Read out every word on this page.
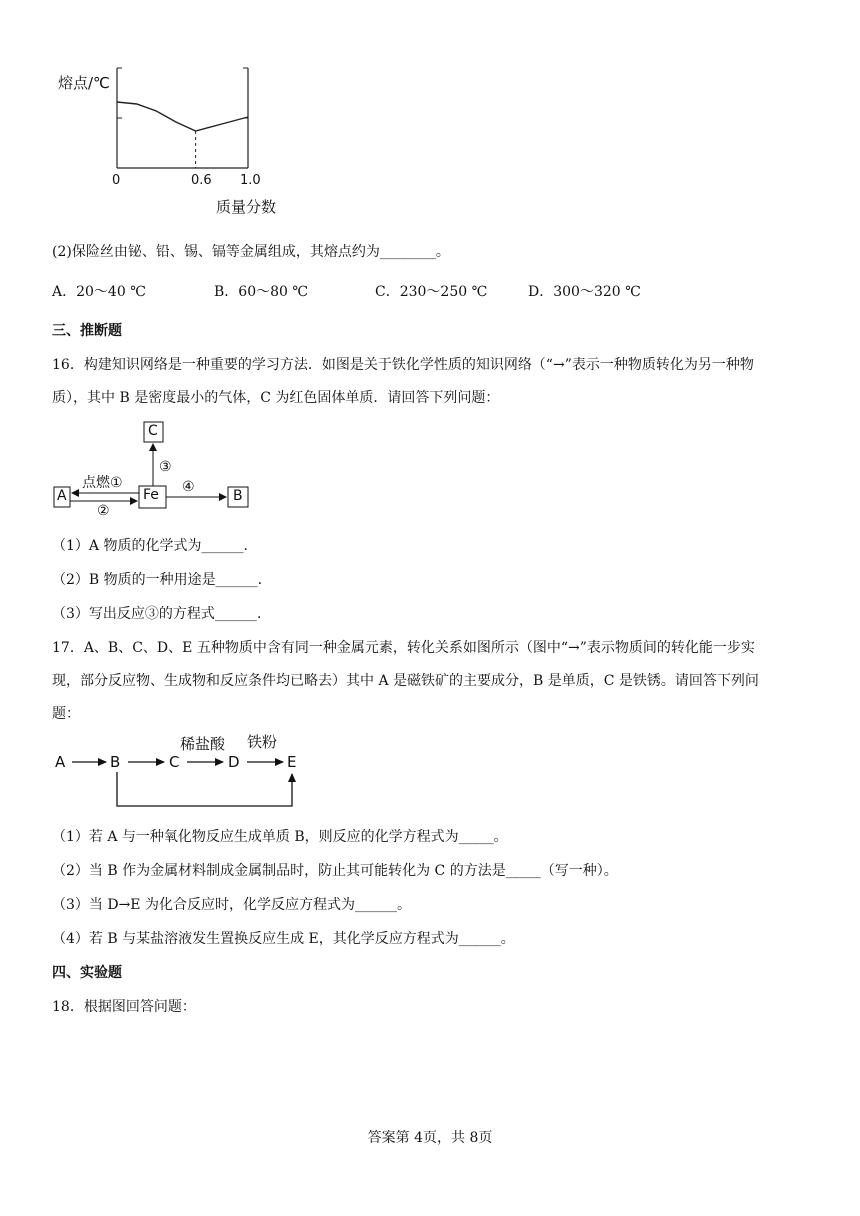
熔点/℃
0	0.6 1.0
质量分数
(2)保险丝由铋、铅、锡、镉等金属组成，其熔点约为________。
A．20～40 ℃	B．60～80 ℃	C．230～250 ℃	D．300～320 ℃
三、推断题
16．构建知识网络是一种重要的学习方法．如图是关于铁化学性质的知识网络（“→”表示一种物质转化为另一种物
质），其中 B 是密度最小的气体，C 为红色固体单质．请回答下列问题：
C
Fe
A	B
点燃①
②
③
④
（1）A 物质的化学式为______.
（2）B 物质的一种用途是______.
（3）写出反应③的方程式______.
17．A、B、C、D、E 五种物质中含有同一种金属元素，转化关系如图所示（图中“→”表示物质间的转化能一步实
现，部分反应物、生成物和反应条件均已略去）其中 A 是磁铁矿的主要成分，B 是单质，C 是铁锈。请回答下列问
题：
A	B	C	D	E
稀盐酸 铁粉
（1）若 A 与一种氧化物反应生成单质 B，则反应的化学方程式为_____。
（2）当 B 作为金属材料制成金属制品时，防止其可能转化为 C 的方法是_____（写一种）。
（3）当 D→E 为化合反应时，化学反应方程式为______。
（4）若 B 与某盐溶液发生置换反应生成 E，其化学反应方程式为______。
四、实验题
18．根据图回答问题：
答案第 4页，共 8页
